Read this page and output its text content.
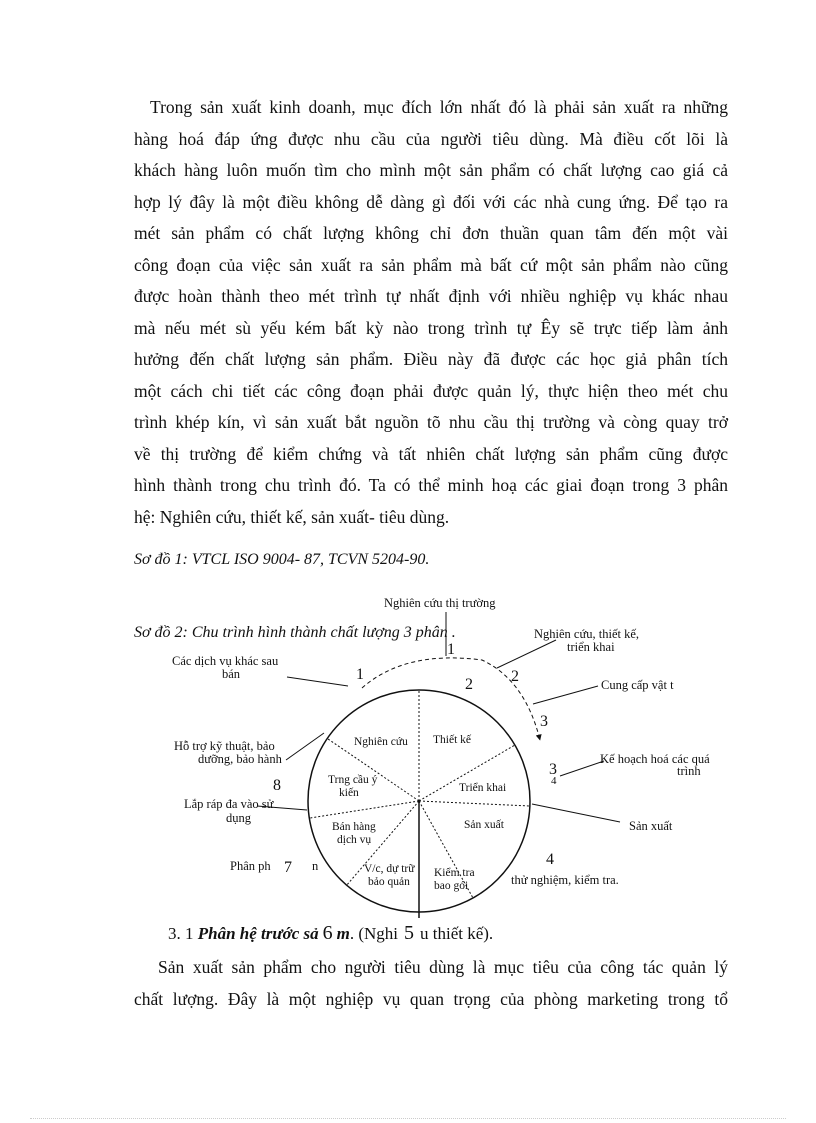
Trong sản xuất kinh doanh, mục đích lớn nhất đó là phải sản xuất ra những
hàng hoá đáp ứng được nhu cầu của người tiêu dùng. Mà điều cốt lõi là
khách hàng luôn muốn tìm cho mình một sản phẩm có chất lượng cao giá cả
hợp lý đây là một điều không dễ dàng gì đối với các nhà cung ứng. Để tạo ra
mét sản phẩm có chất lượng không chỉ đơn thuần quan tâm đến một vài
công đoạn của việc sản xuất ra sản phẩm mà bất cứ một sản phẩm nào cũng
được hoàn thành theo mét trình tự nhất định với nhiều nghiệp vụ khác nhau
mà nếu mét sù yếu kém bất kỳ nào trong trình tự Êy sẽ trực tiếp làm ảnh
hưởng đến chất lượng sản phẩm. Điều này đã được các học giả phân tích
một cách chi tiết các công đoạn phải được quản lý, thực hiện theo mét chu
trình khép kín, vì sản xuất bắt nguồn tõ nhu cầu thị trường và còng quay trở
về thị trường để kiểm chứng và tất nhiên chất lượng sản phẩm cũng được
hình thành trong chu trình đó. Ta có thể minh hoạ các giai đoạn trong 3 phân
hệ: Nghiên cứu, thiết kế, sản xuất- tiêu dùng.
Sơ đồ 1: VTCL ISO 9004- 87, TCVN 5204-90.
Sơ đồ 2: Chu trình hình thành chất lượng 3 phân .
Nghiên cứu thị trường
Nghiên cứu, thiết kế,
triển khai
Cung cấp vật t
Kế hoạch hoá các quá
trình
Sản xuất
thử nghiệm, kiểm tra.
Phân ph
Lắp ráp đa vào sử
dụng
Hỗ trợ kỹ thuật, bảo
dưỡng, bảo hành
Các dịch vụ khác sau
bán
Nghiên cứu Thiết kế
Triển khai
Sản xuất
Kiểm tra
bao gói
V/c, dự trữ
bảo quản
Bán hàng
dịch vụ
Trng cầu ý
kiến
1
1
2 2
3
3
4
4
7
8
n
3. 1 Phân hệ trước sả 6 m. (Nghi 5 u thiết kế).
Sản xuất sản phẩm cho người tiêu dùng là mục tiêu của công tác quản lý
chất lượng. Đây là một nghiệp vụ quan trọng của phòng marketing trong tổ
